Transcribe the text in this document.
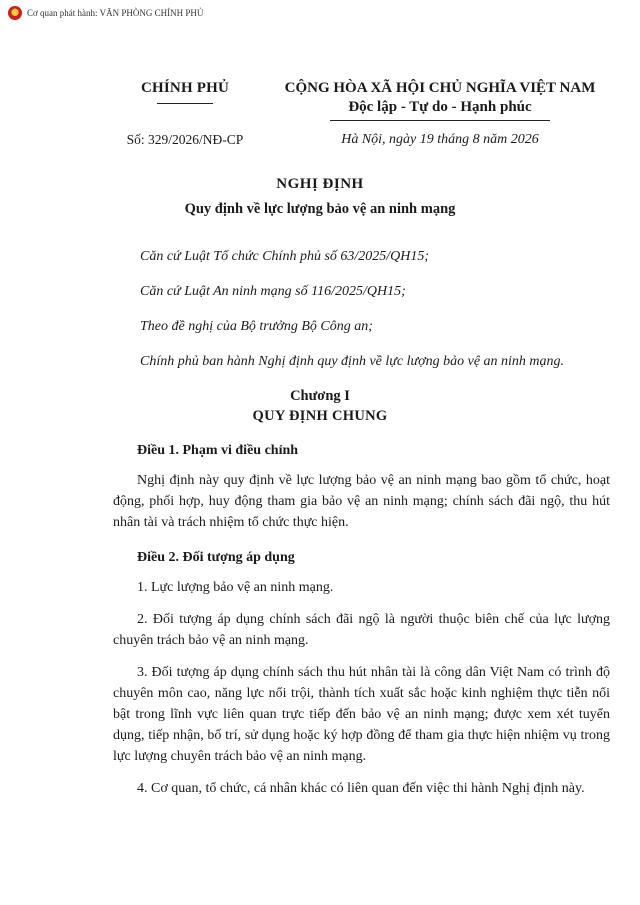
★ Cơ quan phát hành: VĂN PHÒNG CHÍNH PHỦ
CHÍNH PHỦ	CỘNG HÒA XÃ HỘI CHỦ NGHĨA VIỆT NAM
Độc lập - Tự do - Hạnh phúc
Số: 329/2026/NĐ-CP	Hà Nội, ngày 19 tháng 8 năm 2026
NGHỊ ĐỊNH
Quy định về lực lượng bảo vệ an ninh mạng

Căn cứ Luật Tổ chức Chính phủ số 63/2025/QH15;

Căn cứ Luật An ninh mạng số 116/2025/QH15;

Theo đề nghị của Bộ trưởng Bộ Công an;

Chính phủ ban hành Nghị định quy định về lực lượng bảo vệ an ninh mạng.

Chương I
QUY ĐỊNH CHUNG
Điều 1. Phạm vi điều chỉnh

Nghị định này quy định về lực lượng bảo vệ an ninh mạng bao gồm tổ chức, hoạt động, phối hợp, huy động tham gia bảo vệ an ninh mạng; chính sách đãi ngộ, thu hút nhân tài và trách nhiệm tổ chức thực hiện.

Điều 2. Đối tượng áp dụng

1. Lực lượng bảo vệ an ninh mạng.

2. Đối tượng áp dụng chính sách đãi ngộ là người thuộc biên chế của lực lượng chuyên trách bảo vệ an ninh mạng.

3. Đối tượng áp dụng chính sách thu hút nhân tài là công dân Việt Nam có trình độ chuyên môn cao, năng lực nổi trội, thành tích xuất sắc hoặc kinh nghiệm thực tiễn nổi bật trong lĩnh vực liên quan trực tiếp đến bảo vệ an ninh mạng; được xem xét tuyển dụng, tiếp nhận, bố trí, sử dụng hoặc ký hợp đồng để tham gia thực hiện nhiệm vụ trong lực lượng chuyên trách bảo vệ an ninh mạng.

4. Cơ quan, tổ chức, cá nhân khác có liên quan đến việc thi hành Nghị định này.
